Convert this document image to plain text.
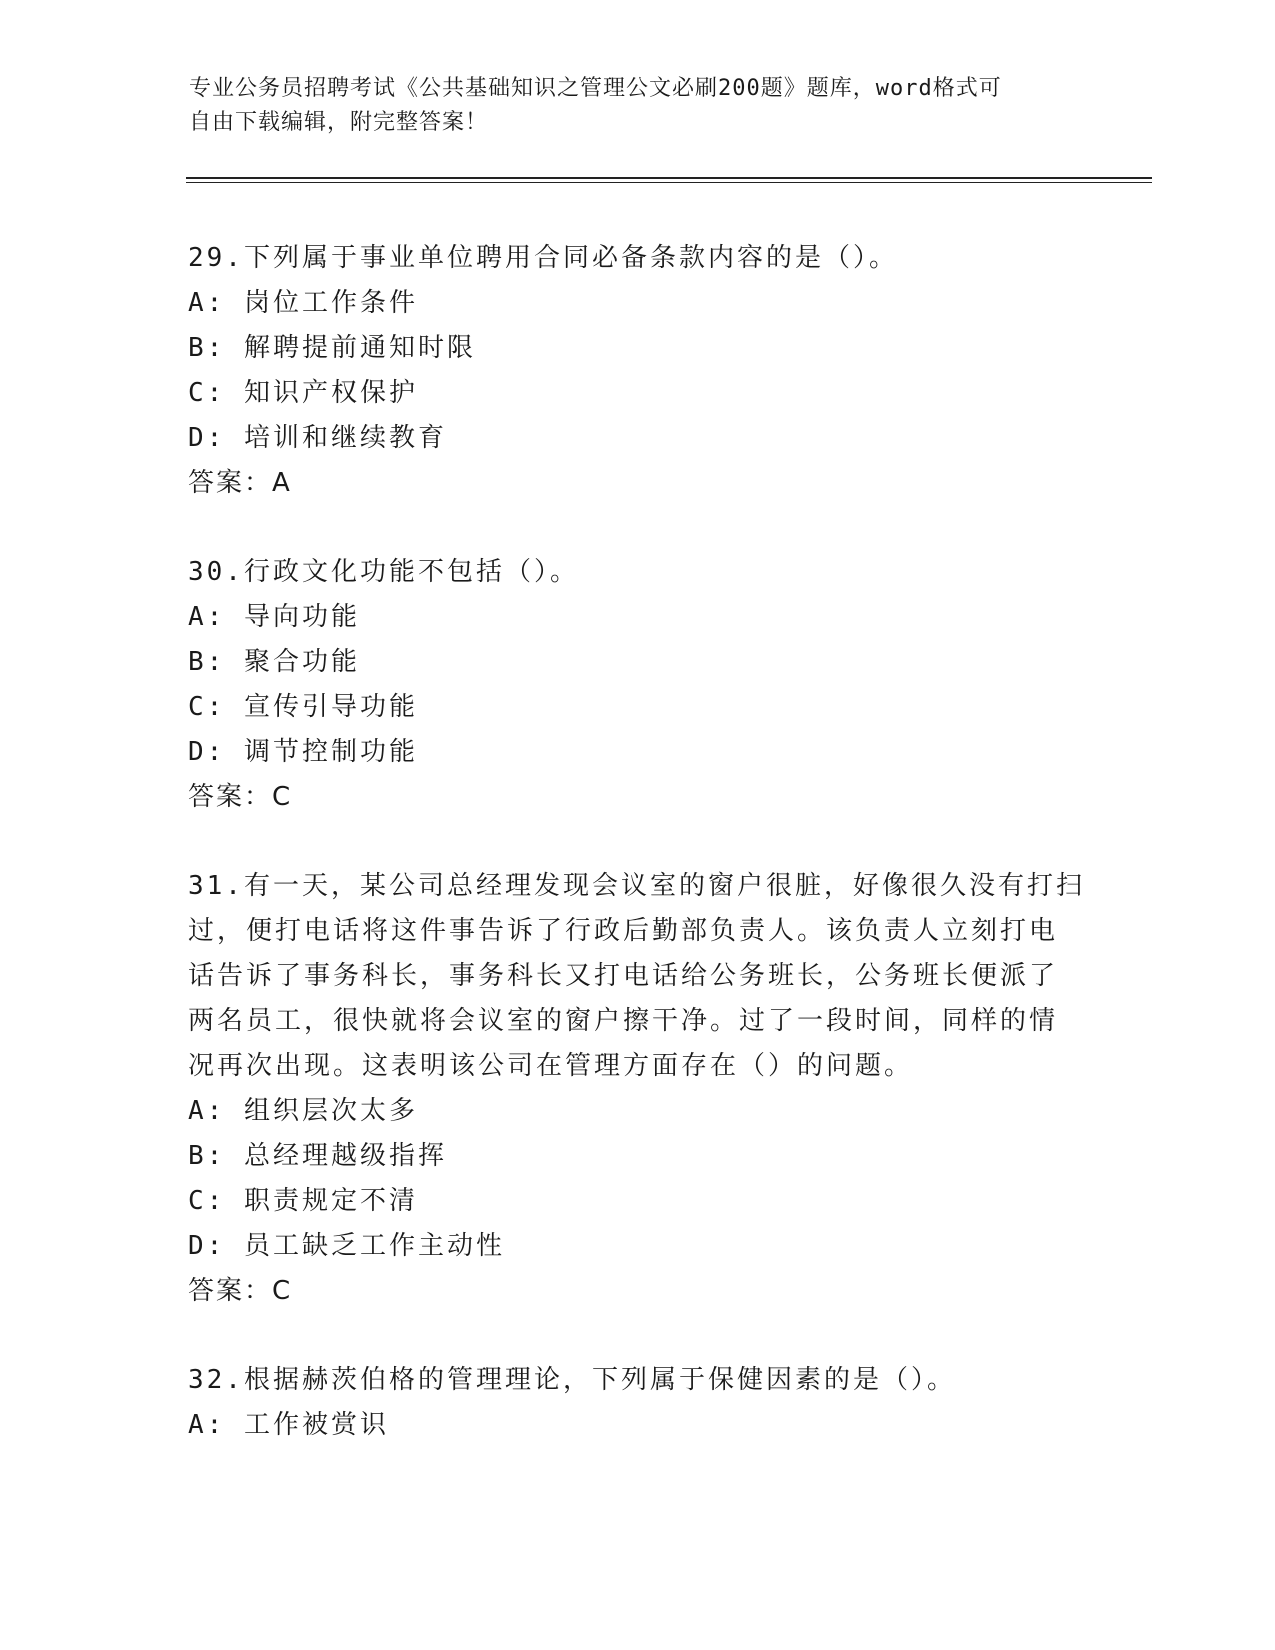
专业公务员招聘考试《公共基础知识之管理公文必刷200题》题库，word格式可
自由下载编辑，附完整答案！
29.下列属于事业单位聘用合同必备条款内容的是（）。
A: 岗位工作条件
B: 解聘提前通知时限
C: 知识产权保护
D: 培训和继续教育
答案：A
30.行政文化功能不包括（）。
A: 导向功能
B: 聚合功能
C: 宣传引导功能
D: 调节控制功能
答案：C
31.有一天，某公司总经理发现会议室的窗户很脏，好像很久没有打扫
过，便打电话将这件事告诉了行政后勤部负责人。该负责人立刻打电
话告诉了事务科长，事务科长又打电话给公务班长，公务班长便派了
两名员工，很快就将会议室的窗户擦干净。过了一段时间，同样的情
况再次出现。这表明该公司在管理方面存在（）的问题。
A: 组织层次太多
B: 总经理越级指挥
C: 职责规定不清
D: 员工缺乏工作主动性
答案：C
32.根据赫茨伯格的管理理论，下列属于保健因素的是（）。
A: 工作被赏识
